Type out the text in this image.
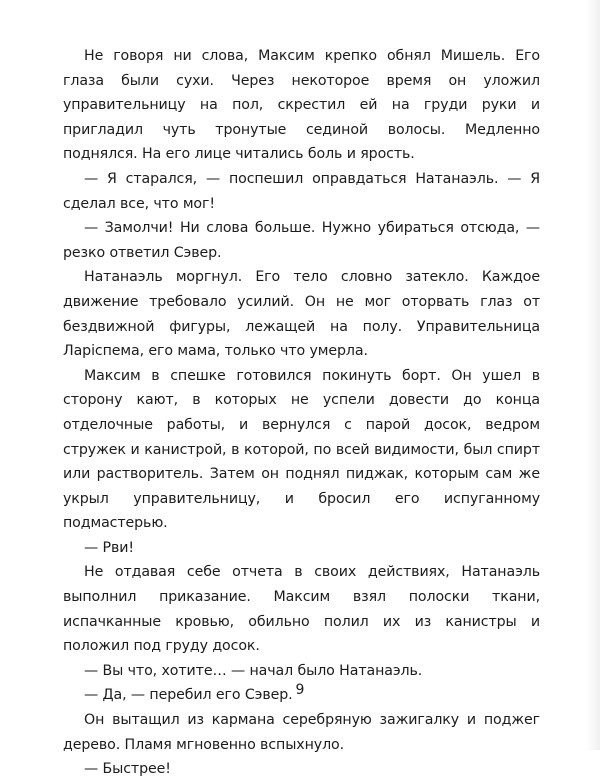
Не говоря ни слова, Максим крепко обнял Мишель. Его глаза были сухи. Через некоторое время он уложил управительницу на пол, скрестил ей на груди руки и пригладил чуть тронутые сединой волосы. Медленно поднялся. На его лице читались боль и ярость.

— Я старался, — поспешил оправдаться Натанаэль. — Я сделал все, что мог!

— Замолчи! Ни слова больше. Нужно убираться отсюда, — резко ответил Сэвер.

Натанаэль моргнул. Его тело словно затекло. Каждое движение требовало усилий. Он не мог оторвать глаз от бездвижной фигуры, лежащей на полу. Управительница Ларіспема, его мама, только что умерла.

Максим в спешке готовился покинуть борт. Он ушел в сторону кают, в которых не успели довести до конца отделочные работы, и вернулся с парой досок, ведром стружек и канистрой, в которой, по всей видимости, был спирт или растворитель. Затем он поднял пиджак, которым сам же укрыл управительницу, и бросил его испуганному подмастерью.

— Рви!

Не отдавая себе отчета в своих действиях, Натанаэль выполнил приказание. Максим взял полоски ткани, испачканные кровью, обильно полил их из канистры и положил под груду досок.

— Вы что, хотите… — начал было Натанаэль.

— Да, — перебил его Сэвер.

Он вытащил из кармана серебряную зажигалку и поджег дерево. Пламя мгновенно вспыхнуло.

— Быстрее!

9
